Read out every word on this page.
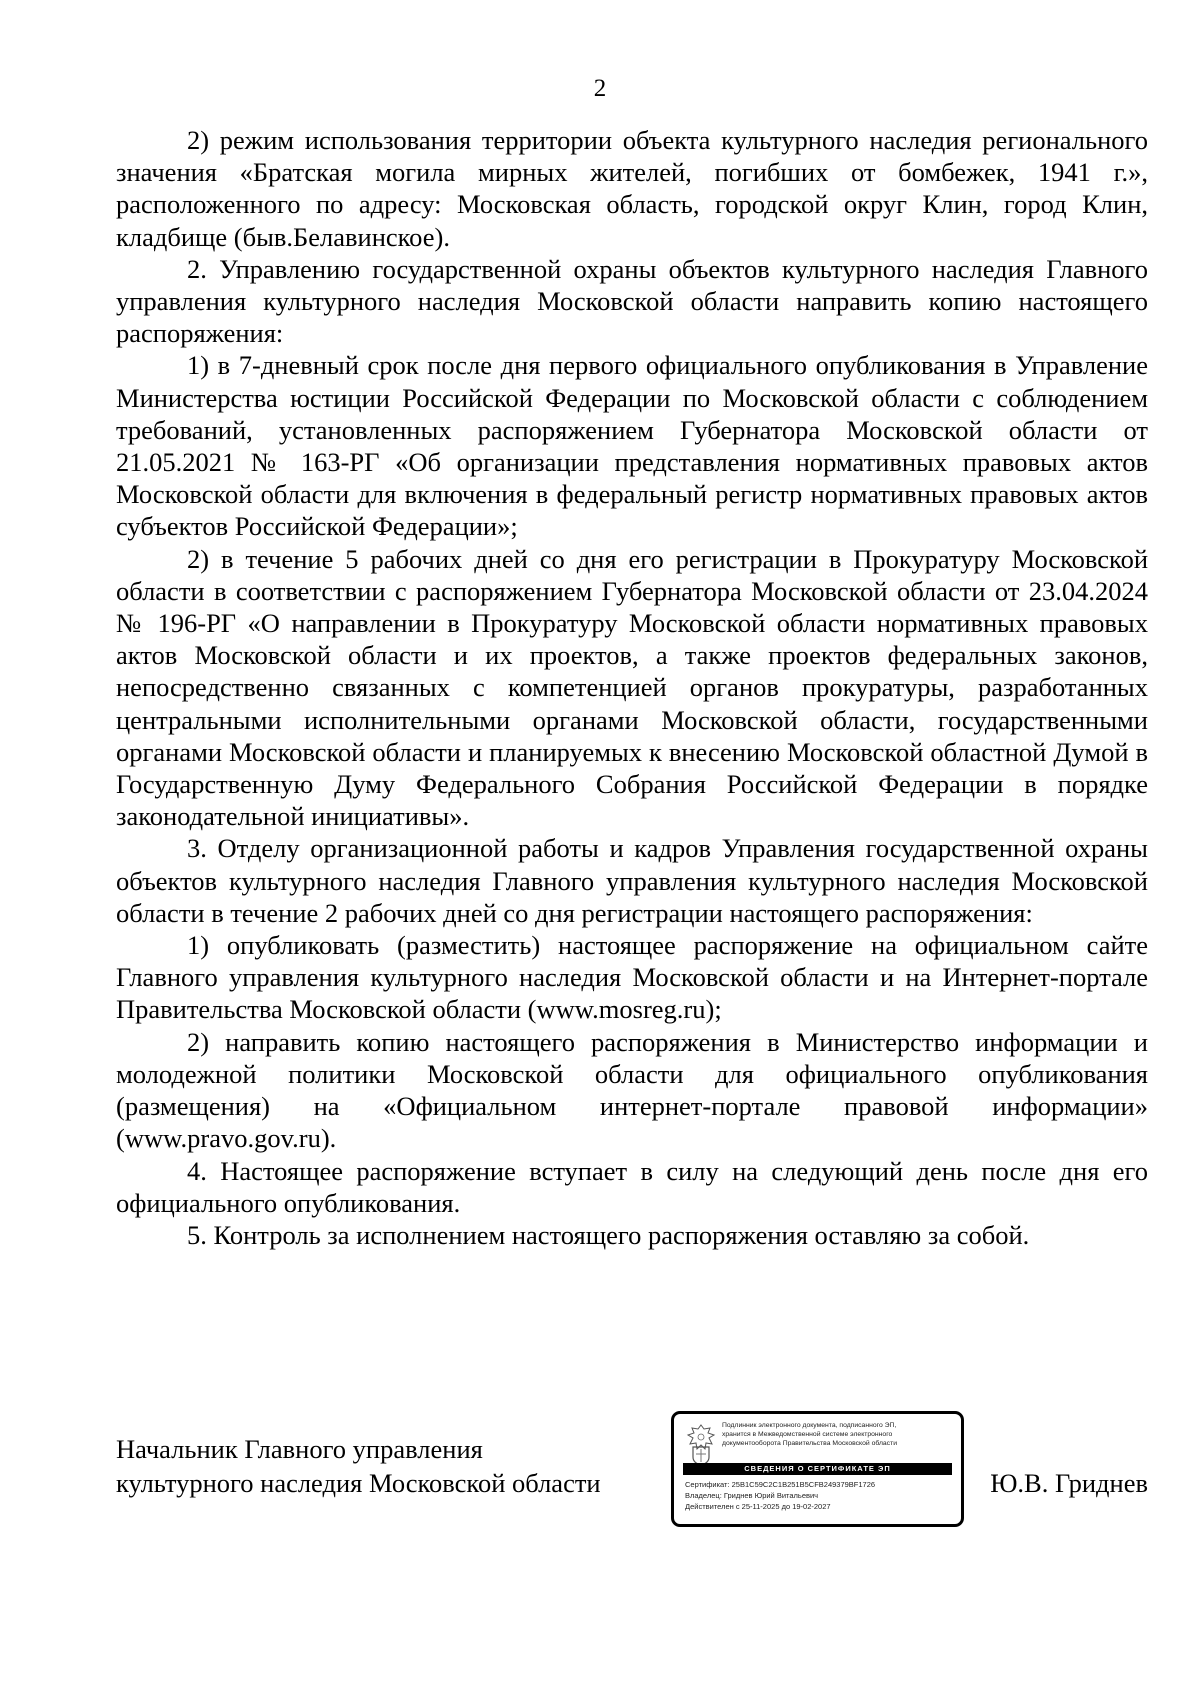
2

2) режим использования территории объекта культурного наследия регионального значения «Братская могила мирных жителей, погибших от бомбежек, 1941 г.», расположенного по адресу: Московская область, городской округ Клин, город Клин, кладбище (быв.Белавинское).

2. Управлению государственной охраны объектов культурного наследия Главного управления культурного наследия Московской области направить копию настоящего распоряжения:

1) в 7-дневный срок после дня первого официального опубликования в Управление Министерства юстиции Российской Федерации по Московской области с соблюдением требований, установленных распоряжением Губернатора Московской области от 21.05.2021 № 163-РГ «Об организации представления нормативных правовых актов Московской области для включения в федеральный регистр нормативных правовых актов субъектов Российской Федерации»;

2) в течение 5 рабочих дней со дня его регистрации в Прокуратуру Московской области в соответствии с распоряжением Губернатора Московской области от 23.04.2024 № 196-РГ «О направлении в Прокуратуру Московской области нормативных правовых актов Московской области и их проектов, а также проектов федеральных законов, непосредственно связанных с компетенцией органов прокуратуры, разработанных центральными исполнительными органами Московской области, государственными органами Московской области и планируемых к внесению Московской областной Думой в Государственную Думу Федерального Собрания Российской Федерации в порядке законодательной инициативы».

3. Отделу организационной работы и кадров Управления государственной охраны объектов культурного наследия Главного управления культурного наследия Московской области в течение 2 рабочих дней со дня регистрации настоящего распоряжения:

1) опубликовать (разместить) настоящее распоряжение на официальном сайте Главного управления культурного наследия Московской области и на Интернет-портале Правительства Московской области (www.mosreg.ru);

2) направить копию настоящего распоряжения в Министерство информации и молодежной политики Московской области для официального опубликования (размещения) на «Официальном интернет-портале правовой информации» (www.pravo.gov.ru).

4. Настоящее распоряжение вступает в силу на следующий день после дня его официального опубликования.

5. Контроль за исполнением настоящего распоряжения оставляю за собой.

Начальник Главного управления
культурного наследия Московской области
Подлинник электронного документа, подписанного ЭП,
хранится в Межведомственной системе электронного
документооборота Правительства Московской области
СВЕДЕНИЯ О СЕРТИФИКАТЕ ЭП
Сертификат: 25B1C59C2C1B251B5CFB249379BF1726
Владелец: Гриднев Юрий Витальевич
Действителен с 25-11-2025 до 19-02-2027
Ю.В. Гриднев
